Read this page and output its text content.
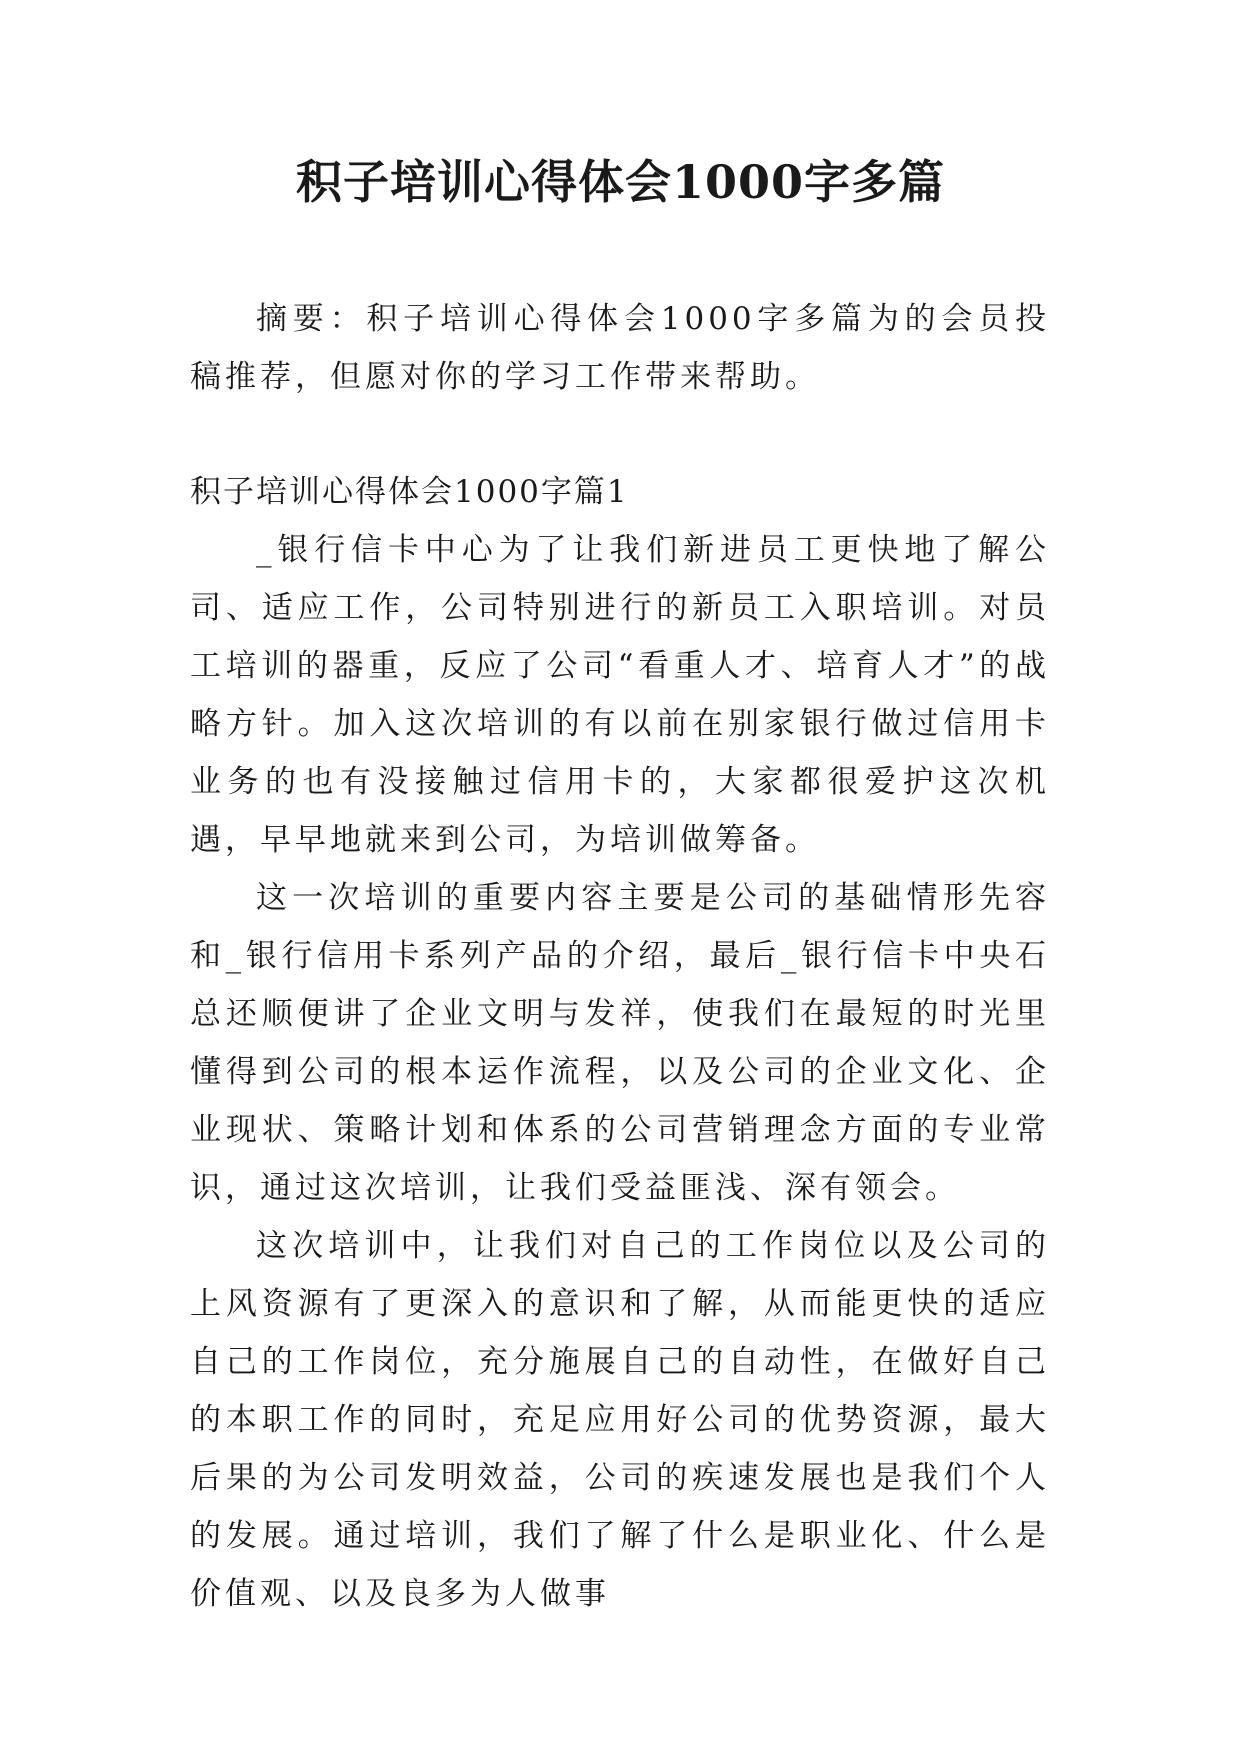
积子培训心得体会1000字多篇

摘要：积子培训心得体会1000字多篇为的会员投稿推荐，但愿对你的学习工作带来帮助。

积子培训心得体会1000字篇1

_银行信卡中心为了让我们新进员工更快地了解公司、适应工作，公司特别进行的新员工入职培训。对员工培训的器重，反应了公司“看重人才、培育人才”的战略方针。加入这次培训的有以前在别家银行做过信用卡业务的也有没接触过信用卡的，大家都很爱护这次机遇，早早地就来到公司，为培训做筹备。

这一次培训的重要内容主要是公司的基础情形先容和_银行信用卡系列产品的介绍，最后_银行信卡中央石总还顺便讲了企业文明与发祥，使我们在最短的时光里懂得到公司的根本运作流程，以及公司的企业文化、企业现状、策略计划和体系的公司营销理念方面的专业常识，通过这次培训，让我们受益匪浅、深有领会。

这次培训中，让我们对自己的工作岗位以及公司的上风资源有了更深入的意识和了解，从而能更快的适应自己的工作岗位，充分施展自己的自动性，在做好自己的本职工作的同时，充足应用好公司的优势资源，最大后果的为公司发明效益，公司的疾速发展也是我们个人的发展。通过培训，我们了解了什么是职业化、什么是价值观、以及良多为人做事
